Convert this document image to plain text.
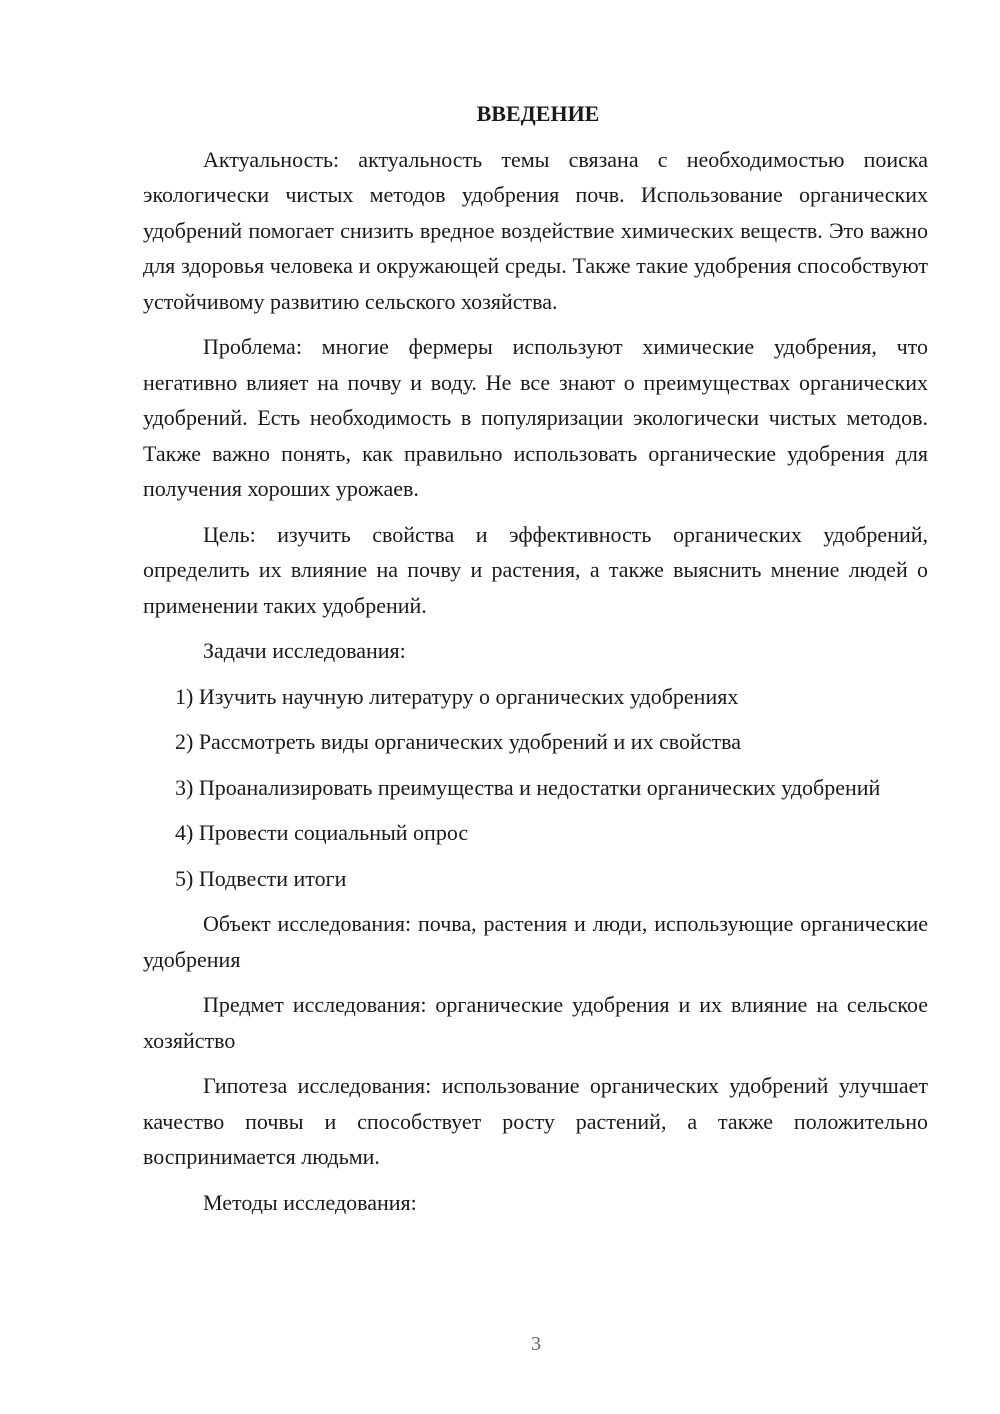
ВВЕДЕНИЕ

Актуальность: актуальность темы связана с необходимостью поиска экологически чистых методов удобрения почв. Использование органических удобрений помогает снизить вредное воздействие химических веществ. Это важно для здоровья человека и окружающей среды. Также такие удобрения способствуют устойчивому развитию сельского хозяйства.

Проблема: многие фермеры используют химические удобрения, что негативно влияет на почву и воду. Не все знают о преимуществах органических удобрений. Есть необходимость в популяризации экологически чистых методов. Также важно понять, как правильно использовать органические удобрения для получения хороших урожаев.

Цель: изучить свойства и эффективность органических удобрений, определить их влияние на почву и растения, а также выяснить мнение людей о применении таких удобрений.

Задачи исследования:

1) Изучить научную литературу о органических удобрениях
2) Рассмотреть виды органических удобрений и их свойства
3) Проанализировать преимущества и недостатки органических удобрений
4) Провести социальный опрос
5) Подвести итоги

Объект исследования: почва, растения и люди, использующие органические удобрения

Предмет исследования: органические удобрения и их влияние на сельское хозяйство

Гипотеза исследования: использование органических удобрений улучшает качество почвы и способствует росту растений, а также положительно воспринимается людьми.

Методы исследования:

3
